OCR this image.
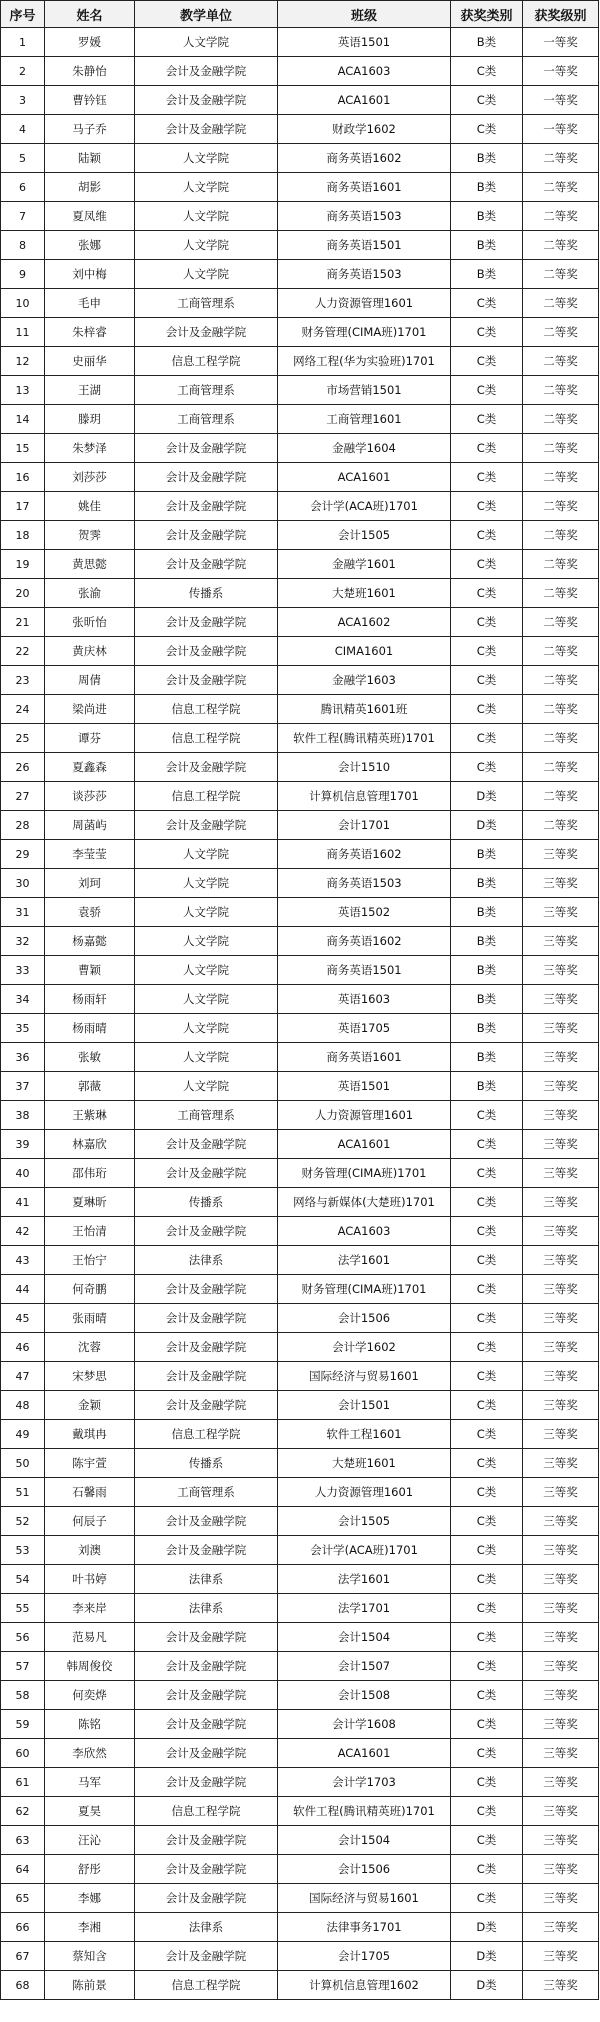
序号	姓名	教学单位	班级	获奖类别	获奖级别
1	罗媛	人文学院	英语1501	B类	一等奖
2	朱静怡	会计及金融学院	ACA1603	C类	一等奖
3	曹钤钰	会计及金融学院	ACA1601	C类	一等奖
4	马子乔	会计及金融学院	财政学1602	C类	一等奖
5	陆颖	人文学院	商务英语1602	B类	二等奖
6	胡影	人文学院	商务英语1601	B类	二等奖
7	夏凤维	人文学院	商务英语1503	B类	二等奖
8	张娜	人文学院	商务英语1501	B类	二等奖
9	刘中梅	人文学院	商务英语1503	B类	二等奖
10	毛申	工商管理系	人力资源管理1601	C类	二等奖
11	朱梓睿	会计及金融学院	财务管理(CIMA班)1701	C类	二等奖
12	史丽华	信息工程学院	网络工程(华为实验班)1701	C类	二等奖
13	王湖	工商管理系	市场营销1501	C类	二等奖
14	滕玥	工商管理系	工商管理1601	C类	二等奖
15	朱梦泽	会计及金融学院	金融学1604	C类	二等奖
16	刘莎莎	会计及金融学院	ACA1601	C类	二等奖
17	姚佳	会计及金融学院	会计学(ACA班)1701	C类	二等奖
18	贺霁	会计及金融学院	会计1505	C类	二等奖
19	黄思懿	会计及金融学院	金融学1601	C类	二等奖
20	张渝	传播系	大楚班1601	C类	二等奖
21	张昕怡	会计及金融学院	ACA1602	C类	二等奖
22	黄庆林	会计及金融学院	CIMA1601	C类	二等奖
23	周倩	会计及金融学院	金融学1603	C类	二等奖
24	梁尚进	信息工程学院	腾讯精英1601班	C类	二等奖
25	谭芬	信息工程学院	软件工程(腾讯精英班)1701	C类	二等奖
26	夏鑫森	会计及金融学院	会计1510	C类	二等奖
27	谈莎莎	信息工程学院	计算机信息管理1701	D类	二等奖
28	周菡屿	会计及金融学院	会计1701	D类	二等奖
29	李莹莹	人文学院	商务英语1602	B类	三等奖
30	刘珂	人文学院	商务英语1503	B类	三等奖
31	袁骄	人文学院	英语1502	B类	三等奖
32	杨嘉懿	人文学院	商务英语1602	B类	三等奖
33	曹颖	人文学院	商务英语1501	B类	三等奖
34	杨雨轩	人文学院	英语1603	B类	三等奖
35	杨雨晴	人文学院	英语1705	B类	三等奖
36	张敏	人文学院	商务英语1601	B类	三等奖
37	郭薇	人文学院	英语1501	B类	三等奖
38	王紫琳	工商管理系	人力资源管理1601	C类	三等奖
39	林嘉欣	会计及金融学院	ACA1601	C类	三等奖
40	邵伟珩	会计及金融学院	财务管理(CIMA班)1701	C类	三等奖
41	夏琳昕	传播系	网络与新媒体(大楚班)1701	C类	三等奖
42	王怡清	会计及金融学院	ACA1603	C类	三等奖
43	王怡宁	法律系	法学1601	C类	三等奖
44	何奇鹏	会计及金融学院	财务管理(CIMA班)1701	C类	三等奖
45	张雨晴	会计及金融学院	会计1506	C类	三等奖
46	沈蓉	会计及金融学院	会计学1602	C类	三等奖
47	宋梦思	会计及金融学院	国际经济与贸易1601	C类	三等奖
48	金颖	会计及金融学院	会计1501	C类	三等奖
49	戴琪冉	信息工程学院	软件工程1601	C类	三等奖
50	陈宇萱	传播系	大楚班1601	C类	三等奖
51	石馨雨	工商管理系	人力资源管理1601	C类	三等奖
52	何辰子	会计及金融学院	会计1505	C类	三等奖
53	刘澳	会计及金融学院	会计学(ACA班)1701	C类	三等奖
54	叶书婷	法律系	法学1601	C类	三等奖
55	李来岸	法律系	法学1701	C类	三等奖
56	范易凡	会计及金融学院	会计1504	C类	三等奖
57	韩周俊佼	会计及金融学院	会计1507	C类	三等奖
58	何奕烨	会计及金融学院	会计1508	C类	三等奖
59	陈铭	会计及金融学院	会计学1608	C类	三等奖
60	李欣然	会计及金融学院	ACA1601	C类	三等奖
61	马军	会计及金融学院	会计学1703	C类	三等奖
62	夏昊	信息工程学院	软件工程(腾讯精英班)1701	C类	三等奖
63	汪沁	会计及金融学院	会计1504	C类	三等奖
64	舒彤	会计及金融学院	会计1506	C类	三等奖
65	李娜	会计及金融学院	国际经济与贸易1601	C类	三等奖
66	李湘	法律系	法律事务1701	D类	三等奖
67	蔡知含	会计及金融学院	会计1705	D类	三等奖
68	陈前景	信息工程学院	计算机信息管理1602	D类	三等奖
